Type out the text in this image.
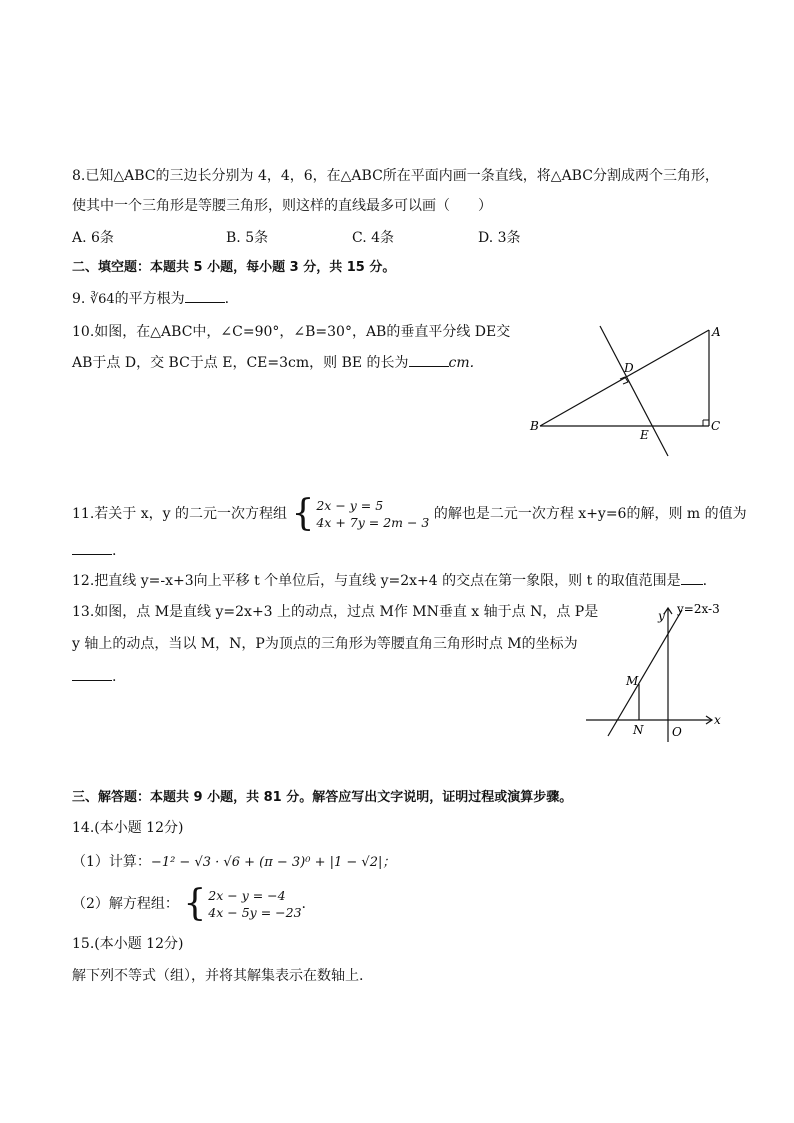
8.已知△ABC的三边长分别为 4，4，6，在△ABC所在平面内画一条直线，将△ABC分割成两个三角形，
使其中一个三角形是等腰三角形，则这样的直线最多可以画（　　）
A. 6条	B. 5条	C. 4条	D. 3条
二、填空题：本题共 5 小题，每小题 3 分，共 15 分。
9. ∛64的平方根为	.
10.如图，在△ABC中，∠C=90°，∠B=30°，AB的垂直平分线 DE交
AB于点 D，交 BC于点 E，CE=3cm，则 BE 的长为	cm.
A
B	C
D
E
11.若关于 x，y 的二元一次方程组 { 2x − y = 5
4x + 7y = 2m − 3
的解也是二元一次方程 x+y=6的解，则 m 的值为
.
12.把直线 y=-x+3向上平移 t 个单位后，与直线 y=2x+4 的交点在第一象限，则 t 的取值范围是 .
13.如图，点 M是直线 y=2x+3 上的动点，过点 M作 MN垂直 x 轴于点 N，点 P是
y 轴上的动点，当以 M，N，P为顶点的三角形为等腰直角三角形时点 M的坐标为
.
y y=2x-3
M
N O
x
三、解答题：本题共 9 小题，共 81 分。解答应写出文字说明，证明过程或演算步骤。
14.(本小题 12分)
（1）计算：−1² − √3 · √6 + (π − 3)⁰ + |1 − √2|；
（2）解方程组： { 2x − y = −4
4x − 5y = −23
.
15.(本小题 12分)
解下列不等式（组），并将其解集表示在数轴上.
